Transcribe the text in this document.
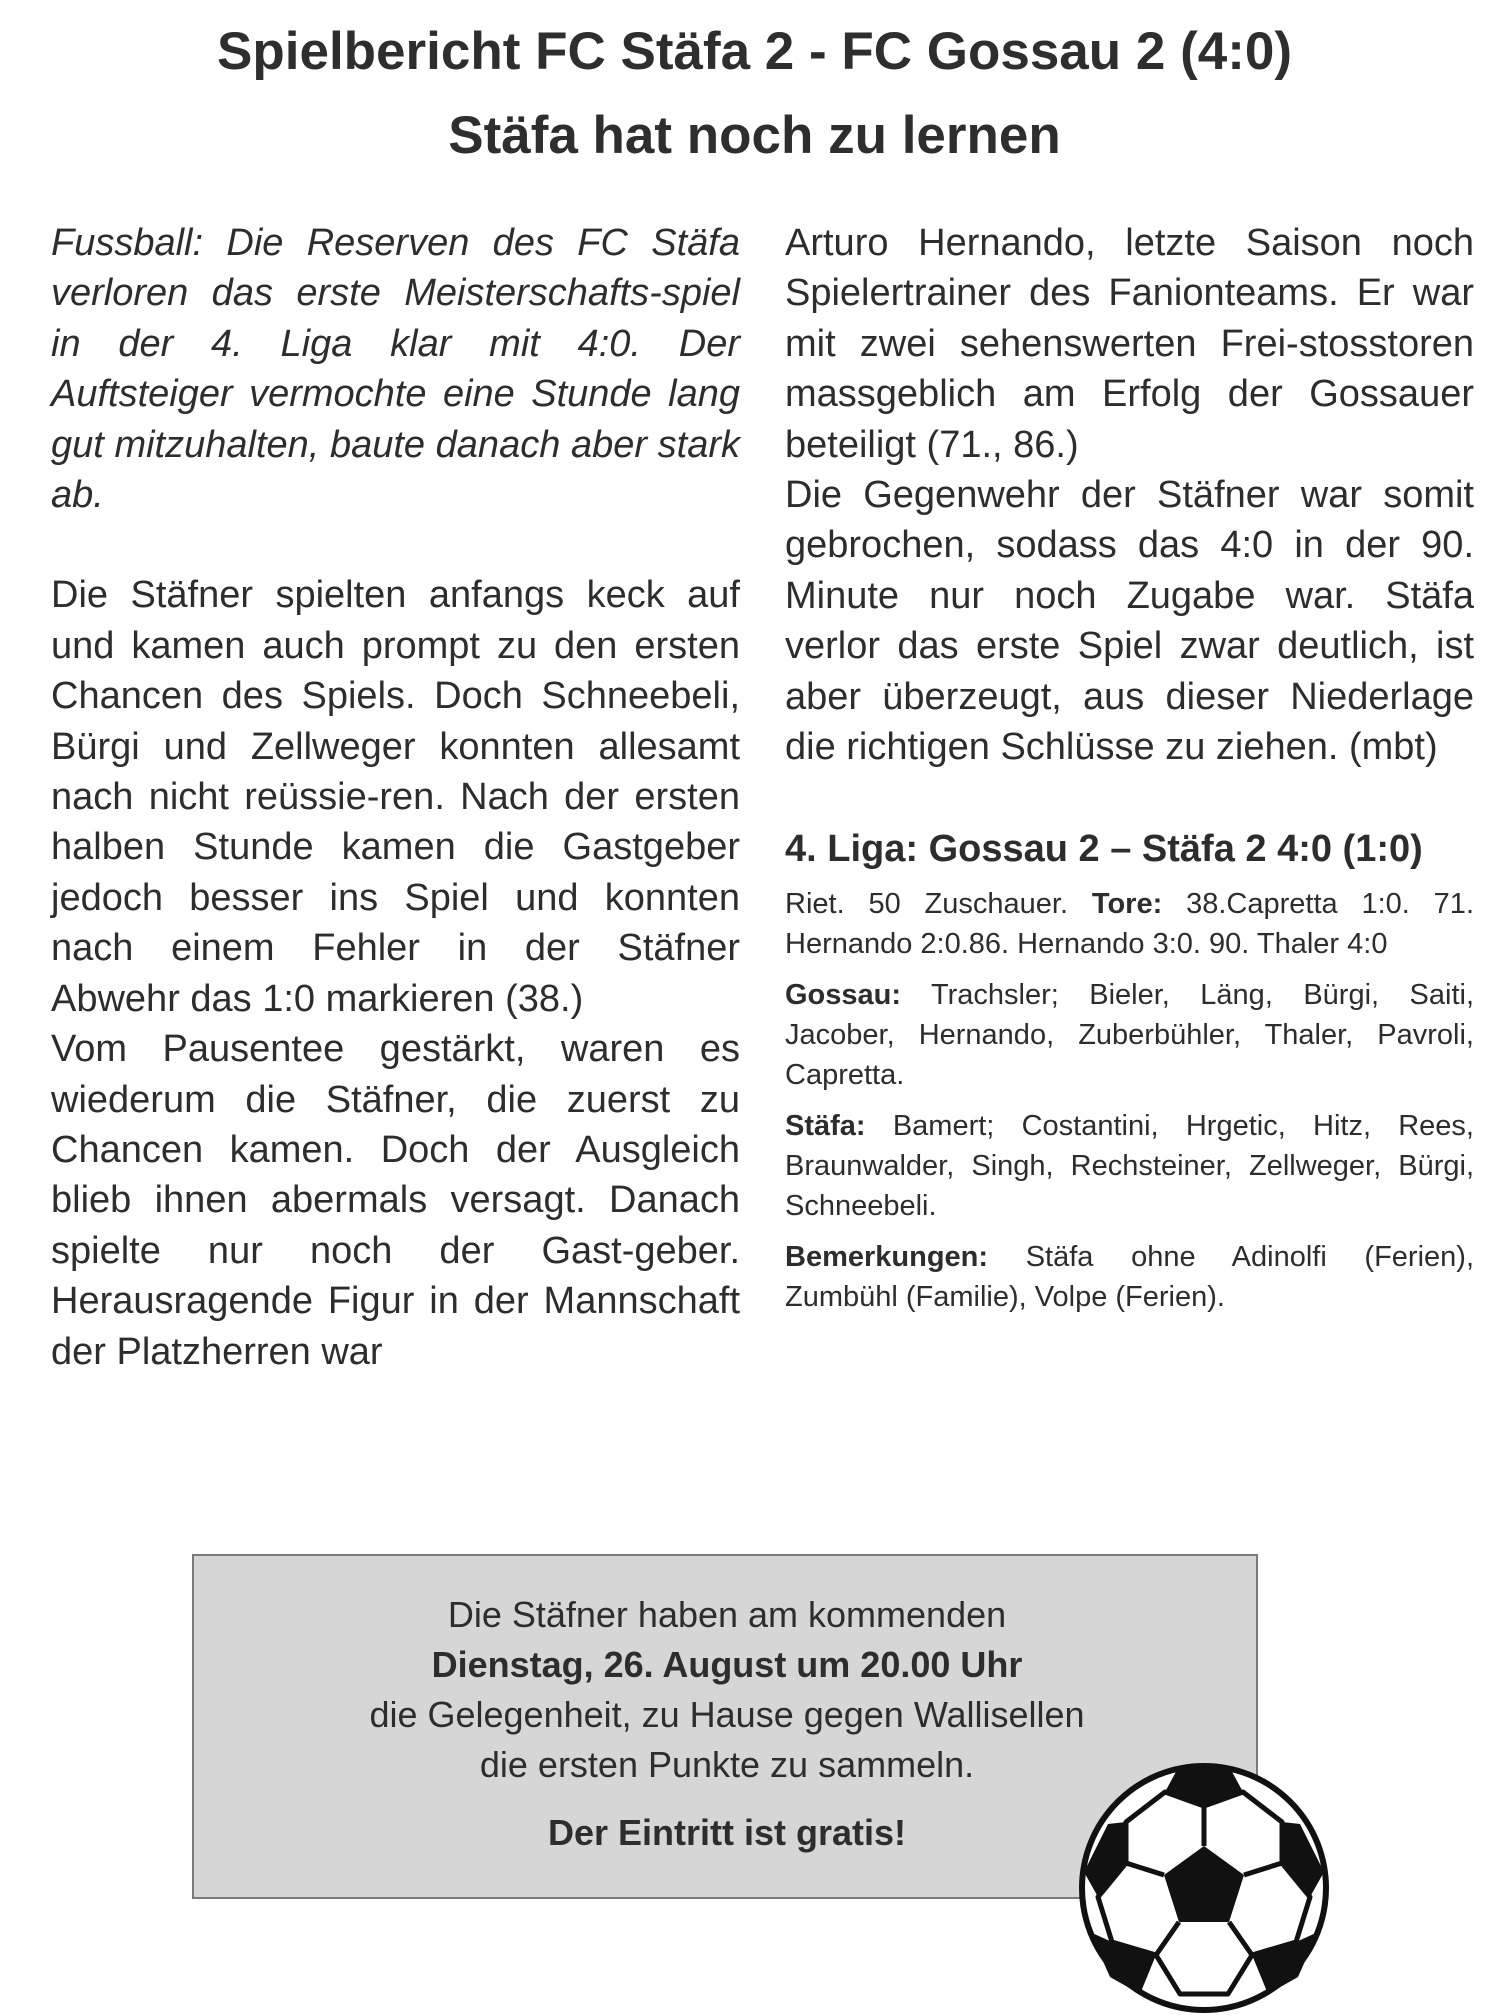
Spielbericht FC Stäfa 2 - FC Gossau 2 (4:0)
Stäfa hat noch zu lernen

Fussball: Die Reserven des FC Stäfa verloren das erste Meisterschafts-spiel in der 4. Liga klar mit 4:0. Der Auftsteiger vermochte eine Stunde lang gut mitzuhalten, baute danach aber stark ab.

Die Stäfner spielten anfangs keck auf und kamen auch prompt zu den ersten Chancen des Spiels. Doch Schneebeli, Bürgi und Zellweger konnten allesamt nach nicht reüssie-ren. Nach der ersten halben Stunde kamen die Gastgeber jedoch besser ins Spiel und konnten nach einem Fehler in der Stäfner Abwehr das 1:0 markieren (38.)

Vom Pausentee gestärkt, waren es wiederum die Stäfner, die zuerst zu Chancen kamen. Doch der Ausgleich blieb ihnen abermals versagt. Danach spielte nur noch der Gast-geber. Herausragende Figur in der Mannschaft der Platzherren war

Arturo Hernando, letzte Saison noch Spielertrainer des Fanionteams. Er war mit zwei sehenswerten Frei-stosstoren massgeblich am Erfolg der Gossauer beteiligt (71., 86.)

Die Gegenwehr der Stäfner war somit gebrochen, sodass das 4:0 in der 90. Minute nur noch Zugabe war. Stäfa verlor das erste Spiel zwar deutlich, ist aber überzeugt, aus dieser Niederlage die richtigen Schlüsse zu ziehen. (mbt)

4. Liga: Gossau 2 – Stäfa 2 4:0 (1:0)

Riet. 50 Zuschauer. Tore: 38.Capretta 1:0. 71. Hernando 2:0.86. Hernando 3:0. 90. Thaler 4:0

Gossau: Trachsler; Bieler, Läng, Bürgi, Saiti, Jacober, Hernando, Zuberbühler, Thaler, Pavroli, Capretta.

Stäfa: Bamert; Costantini, Hrgetic, Hitz, Rees, Braunwalder, Singh, Rechsteiner, Zellweger, Bürgi, Schneebeli.

Bemerkungen: Stäfa ohne Adinolfi (Ferien), Zumbühl (Familie), Volpe (Ferien).

Die Stäfner haben am kommenden
Dienstag, 26. August um 20.00 Uhr
die Gelegenheit, zu Hause gegen Wallisellen
die ersten Punkte zu sammeln.
Der Eintritt ist gratis!
